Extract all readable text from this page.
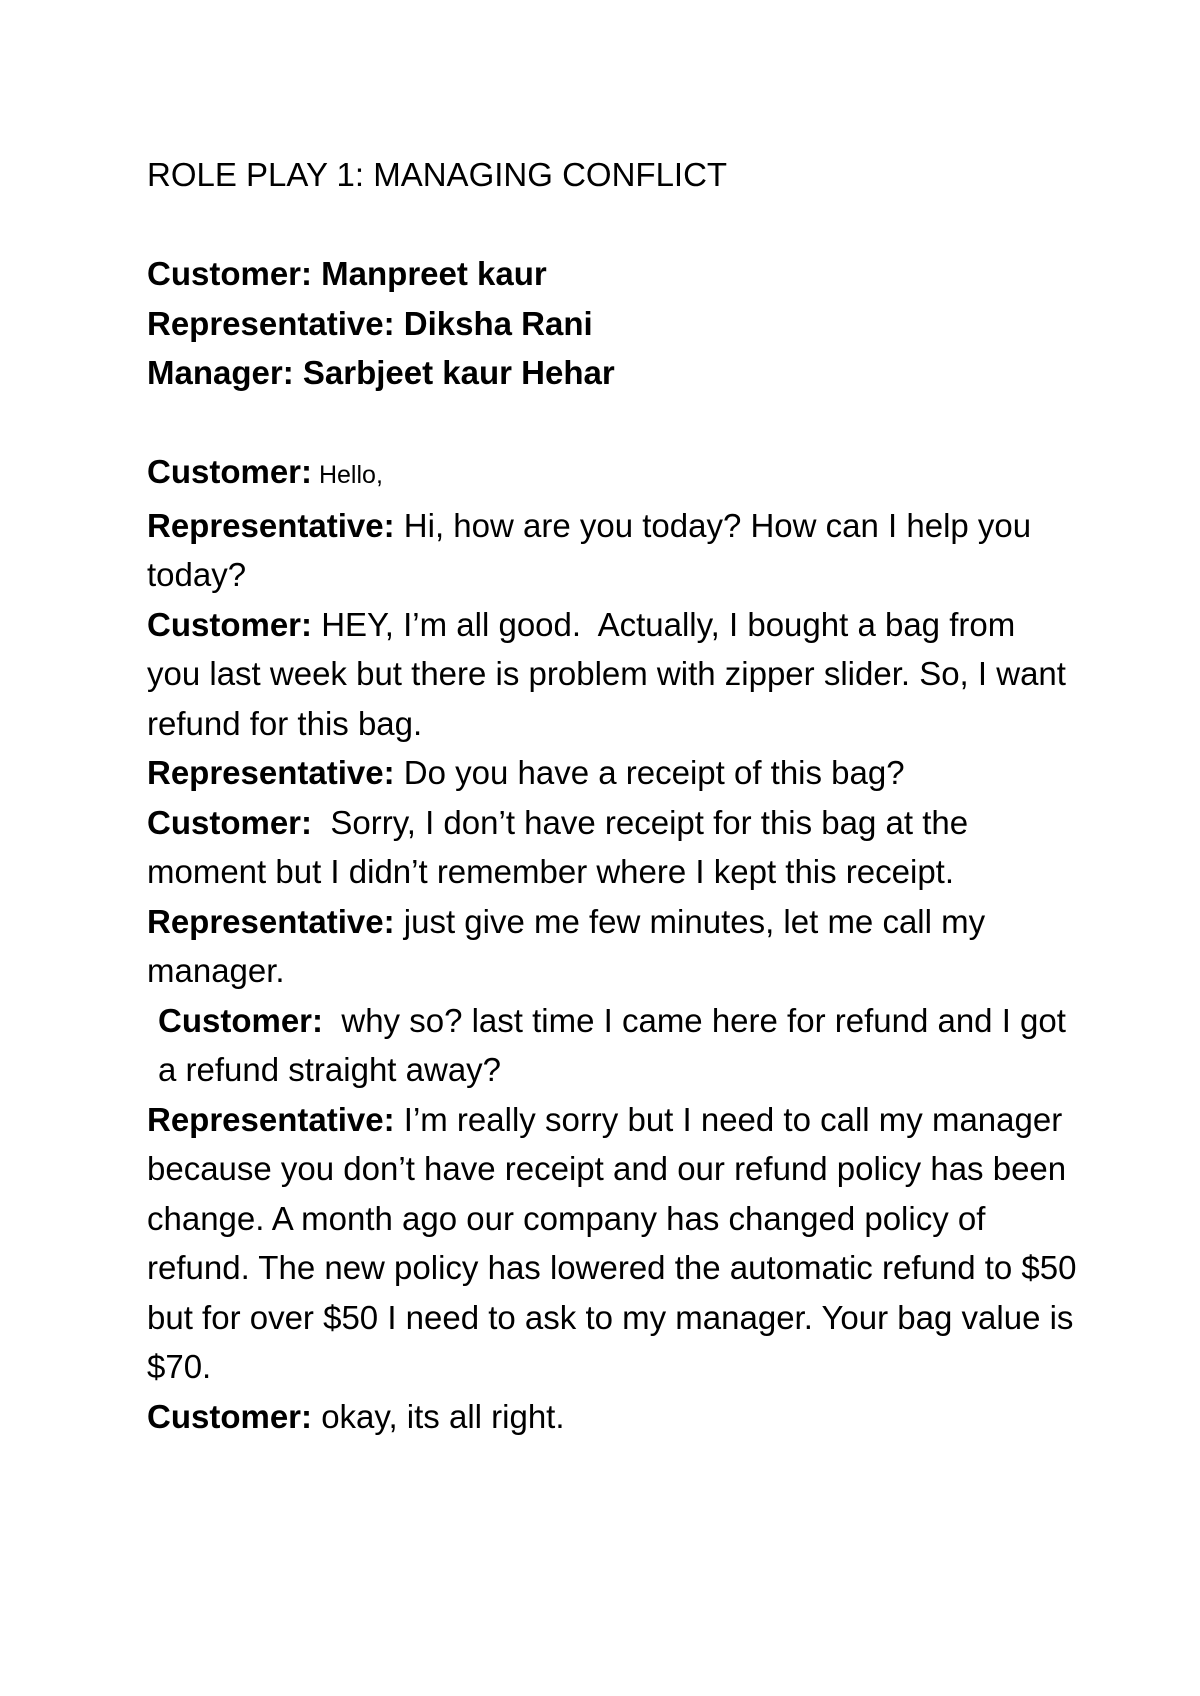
ROLE PLAY 1: MANAGING CONFLICT

Customer: Manpreet kaur

Representative: Diksha Rani

Manager: Sarbjeet kaur Hehar

Customer: Hello,

Representative: Hi, how are you today? How can I help you today?

Customer: HEY, I’m all good.  Actually, I bought a bag from you last week but there is problem with zipper slider. So, I want refund for this bag.

Representative: Do you have a receipt of this bag?

Customer:  Sorry, I don’t have receipt for this bag at the moment but I didn’t remember where I kept this receipt.

Representative: just give me few minutes, let me call my manager.

Customer:  why so? last time I came here for refund and I got a refund straight away?

Representative: I’m really sorry but I need to call my manager because you don’t have receipt and our refund policy has been change. A month ago our company has changed policy of refund. The new policy has lowered the automatic refund to $50 but for over $50 I need to ask to my manager. Your bag value is $70.

Customer: okay, its all right.
